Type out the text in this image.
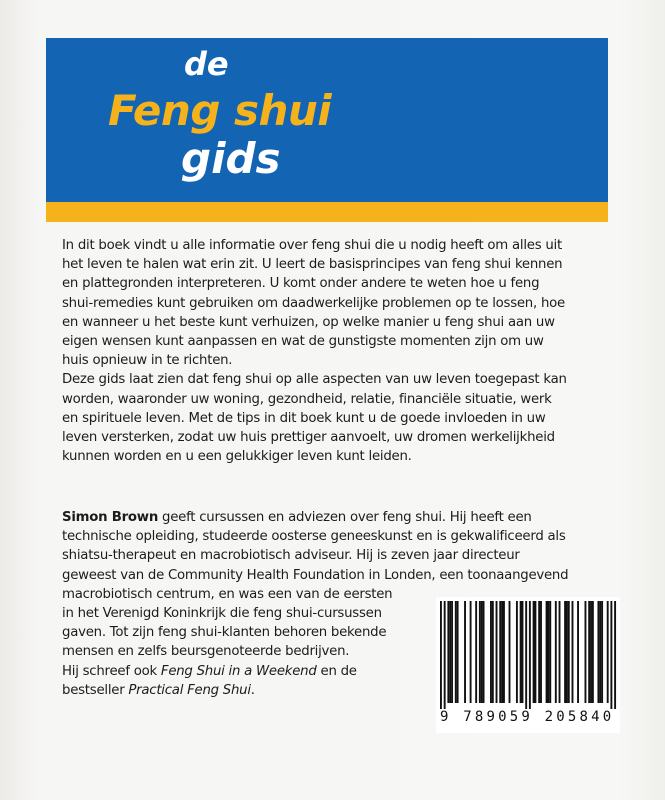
de
Feng shui
gids
In dit boek vindt u alle informatie over feng shui die u nodig heeft om alles uit
het leven te halen wat erin zit. U leert de basisprincipes van feng shui kennen
en plattegronden interpreteren. U komt onder andere te weten hoe u feng
shui-remedies kunt gebruiken om daadwerkelijke problemen op te lossen, hoe
en wanneer u het beste kunt verhuizen, op welke manier u feng shui aan uw
eigen wensen kunt aanpassen en wat de gunstigste momenten zijn om uw
huis opnieuw in te richten.
Deze gids laat zien dat feng shui op alle aspecten van uw leven toegepast kan
worden, waaronder uw woning, gezondheid, relatie, financiële situatie, werk
en spirituele leven. Met de tips in dit boek kunt u de goede invloeden in uw
leven versterken, zodat uw huis prettiger aanvoelt, uw dromen werkelijkheid
kunnen worden en u een gelukkiger leven kunt leiden.
Simon Brown geeft cursussen en adviezen over feng shui. Hij heeft een
technische opleiding, studeerde oosterse geneeskunst en is gekwalificeerd als
shiatsu-therapeut en macrobiotisch adviseur. Hij is zeven jaar directeur
geweest van de Community Health Foundation in Londen, een toonaangevend
macrobiotisch centrum, en was een van de eersten
in het Verenigd Koninkrijk die feng shui-cursussen
gaven. Tot zijn feng shui-klanten behoren bekende
mensen en zelfs beursgenoteerde bedrijven.
Hij schreef ook Feng Shui in a Weekend en de
bestseller Practical Feng Shui.
9 789059 205840
